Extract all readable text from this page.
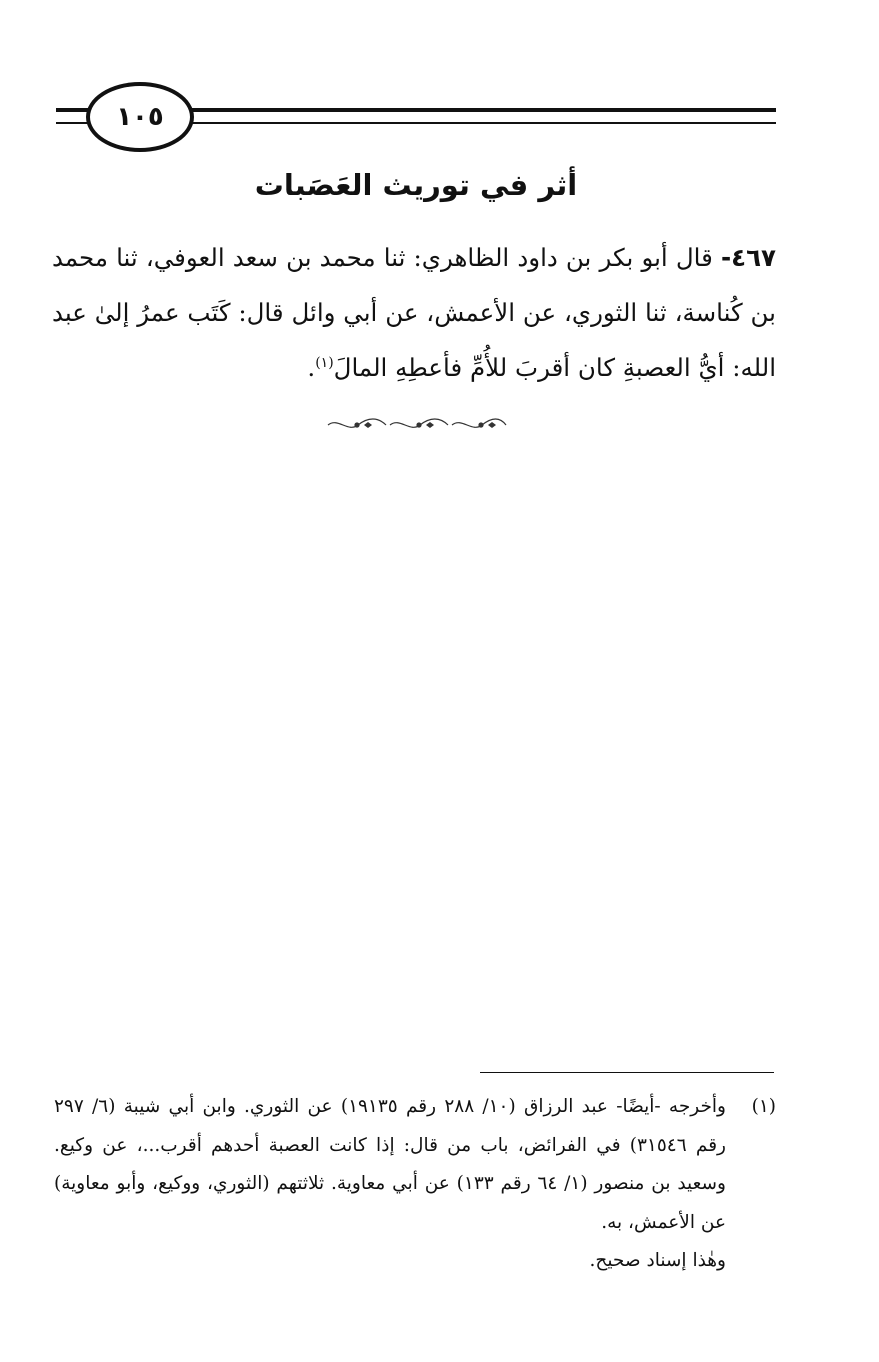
١٠٥
أثر في توريث العَصَبات
٤٦٧- قال أبو بكر بن داود الظاهري: ثنا محمد بن سعد العوفي، ثنا محمد بن كُناسة، ثنا الثوري، عن الأعمش، عن أبي وائل قال: كَتَب عمرُ إلىٰ عبد الله: أيُّ العصبةِ كان أقربَ للأُمِّ فأعطِهِ المالَ$^{(١)}$.
(١)
وأخرجه -أيضًا- عبد الرزاق (١٠/ ٢٨٨ رقم ١٩١٣٥) عن الثوري. وابن أبي شيبة (٦/ ٢٩٧ رقم ٣١٥٤٦) في الفرائض، باب من قال: إذا كانت العصبة أحدهم أقرب...، عن وكيع. وسعيد بن منصور (١/ ٦٤ رقم ١٣٣) عن أبي معاوية. ثلاثتهم (الثوري، ووكيع، وأبو معاوية) عن الأعمش، به.
وهٰذا إسناد صحيح.
